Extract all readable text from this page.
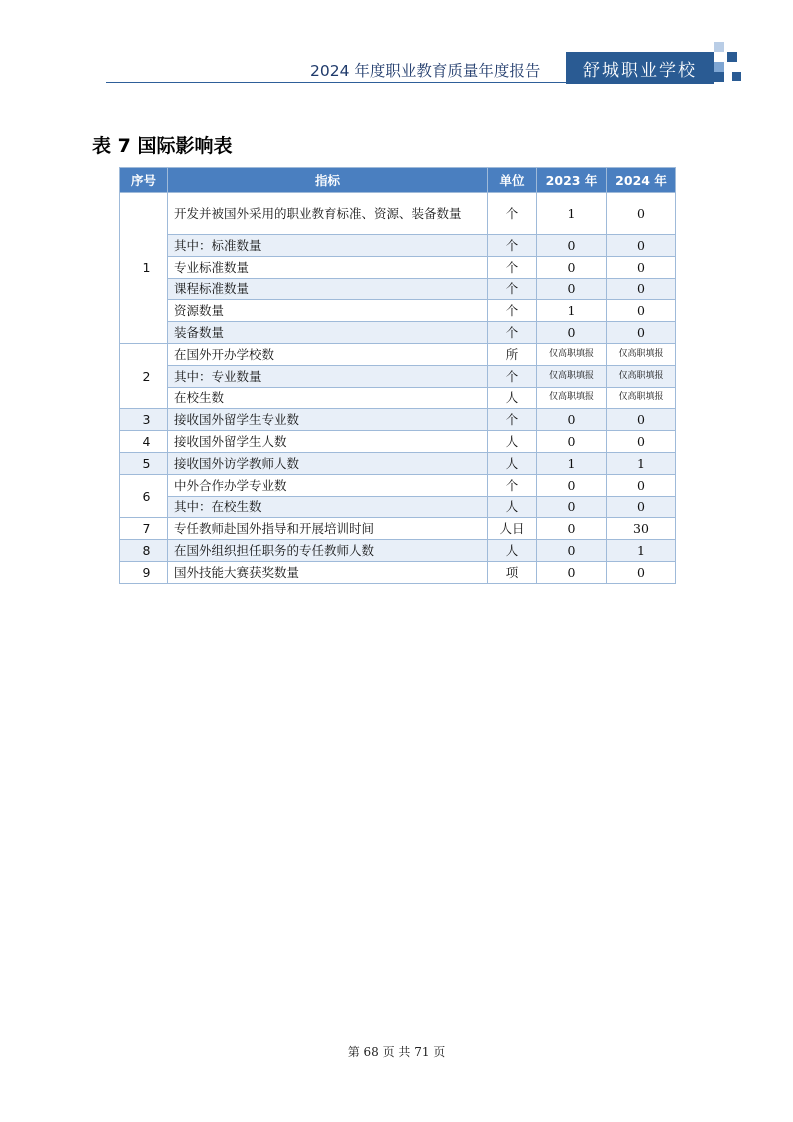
2024 年度职业教育质量年度报告	舒城职业学校
表 7 国际影响表
序号	指标	单位	2023 年	2024 年
1	开发并被国外采用的职业教育标准、资源、装备数量	个	1	0
	其中：标准数量	个	0	0
	专业标准数量	个	0	0
	课程标准数量	个	0	0
	资源数量	个	1	0
	装备数量	个	0	0
2	在国外开办学校数	所	仅高职填报	仅高职填报
	其中：专业数量	个	仅高职填报	仅高职填报
	在校生数	人	仅高职填报	仅高职填报
3	接收国外留学生专业数	个	0	0
4	接收国外留学生人数	人	0	0
5	接收国外访学教师人数	人	1	1
6	中外合作办学专业数	个	0	0
	其中：在校生数	人	0	0
7	专任教师赴国外指导和开展培训时间	人日	0	30
8	在国外组织担任职务的专任教师人数	人	0	1
9	国外技能大赛获奖数量	项	0	0
第 68 页 共 71 页
